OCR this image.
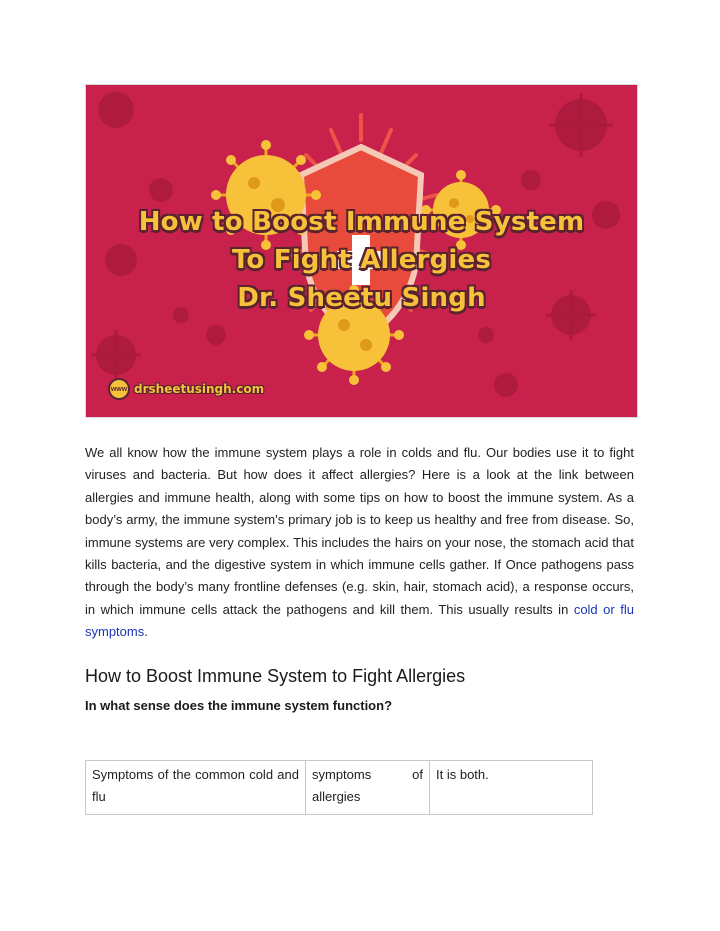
How to Boost Immune System
To Fight Allergies
Dr. Sheetu Singh
www drsheetusingh.com

We all know how the immune system plays a role in colds and flu. Our bodies use it to fight viruses and bacteria. But how does it affect allergies? Here is a look at the link between allergies and immune health, along with some tips on how to boost the immune system. As a body’s army, the immune system’s primary job is to keep us healthy and free from disease. So, immune systems are very complex. This includes the hairs on your nose, the stomach acid that kills bacteria, and the digestive system in which immune cells gather. If Once pathogens pass through the body’s many frontline defenses (e.g. skin, hair, stomach acid), a response occurs, in which immune cells attack the pathogens and kill them. This usually results in cold or flu symptoms.

How to Boost Immune System to Fight Allergies
In what sense does the immune system function?
Symptoms of the common cold and flu	symptoms of allergies	It is both.
